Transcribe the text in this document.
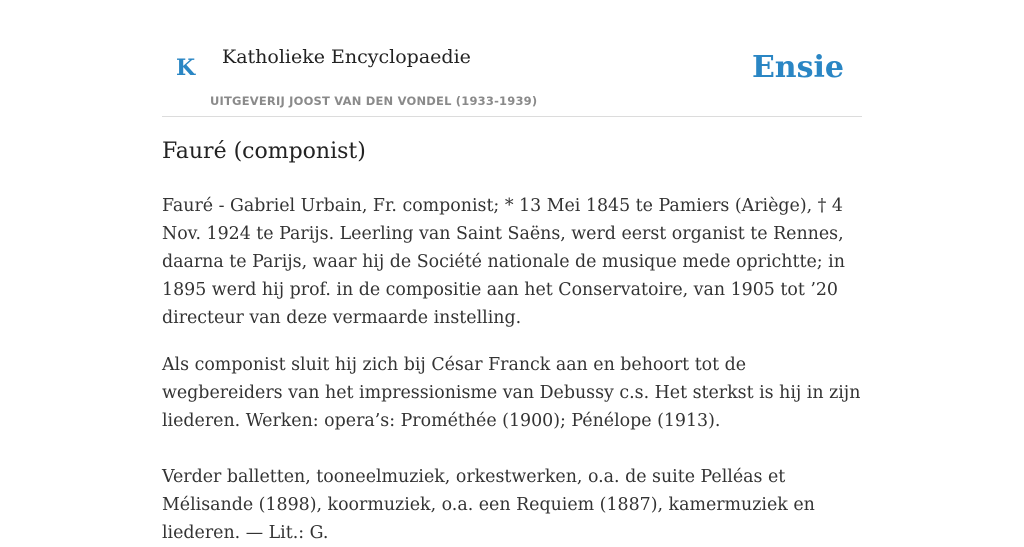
K Katholieke Encyclopaedie
UITGEVERIJ JOOST VAN DEN VONDEL (1933-1939)
Ensie
Fauré (componist)

Fauré - Gabriel Urbain, Fr. componist; * 13 Mei 1845 te Pamiers (Ariège), † 4 Nov. 1924 te Parijs. Leerling van Saint Saëns, werd eerst organist te Rennes, daarna te Parijs, waar hij de Société nationale de musique mede oprichtte; in 1895 werd hij prof. in de compositie aan het Conservatoire, van 1905 tot ’20 directeur van deze vermaarde instelling.

Als componist sluit hij zich bij César Franck aan en behoort tot de wegbereiders van het impressionisme van Debussy c.s. Het sterkst is hij in zijn liederen. Werken: opera’s: Prométhée (1900); Pénélope (1913).

Verder balletten, tooneelmuziek, orkestwerken, o.a. de suite Pelléas et Mélisande (1898), koormuziek, o.a. een Requiem (1887), kamermuziek en liederen. — Lit.: G.
